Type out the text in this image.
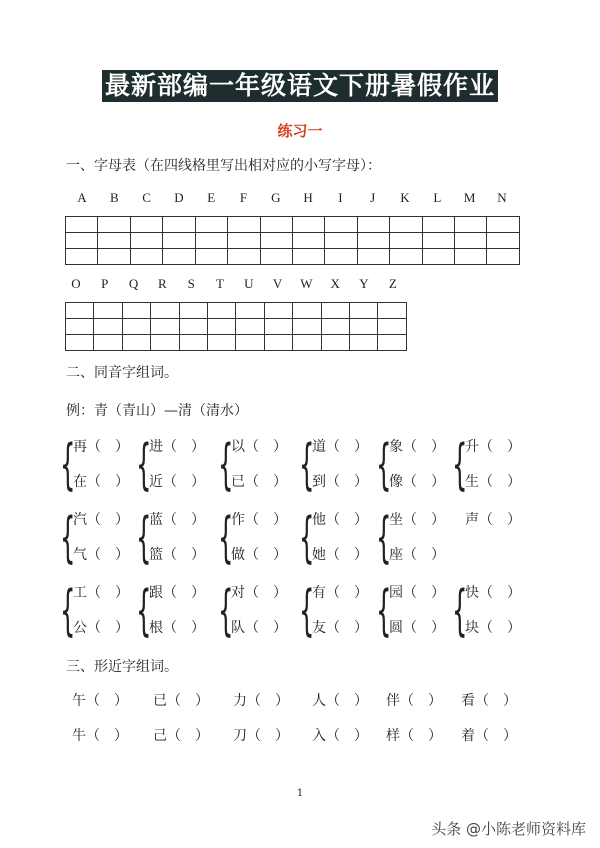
最新部编一年级语文下册暑假作业
练习一
一、字母表（在四线格里写出相对应的小写字母）：
A	B	C	D	E	F	G	H	I	J	K	L	M	N

O	P	Q	R	S	T	U	V	W	X	Y	Z

二、同音字组词。
例：青（青山）—清（清水）
{
再（　）
在（　） {
进（　）
近（　） {
以（　）
已（　） {
道（　）
到（　） {
象（　）
像（　） {
升（　）
生（　）
{
汽（　）
气（　） {
蓝（　）
篮（　） {
作（　）
做（　） {
他（　）
她（　） {
坐（　）
座（　）
声（　）
{
工（　）
公（　） {
跟（　）
根（　） {
对（　）
队（　） {
有（　）
友（　） {
园（　）
圆（　） {
快（　）
块（　）
三、形近字组词。
午（　） 已（　） 力（　） 人（　） 伴（　） 看（　）
牛（　） 己（　） 刀（　） 入（　） 样（　） 着（　）
1
头条 @小陈老师资料库
